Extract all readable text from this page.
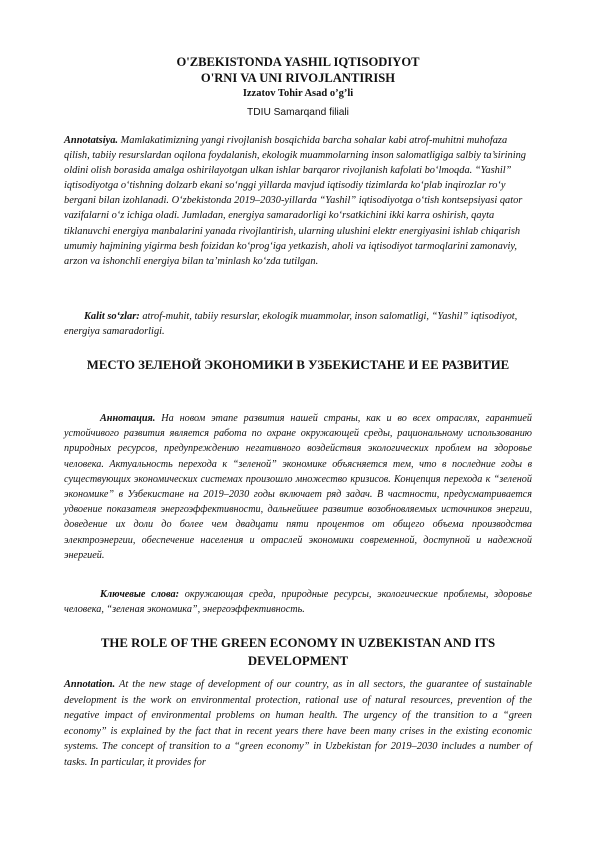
O'ZBEKISTONDA YASHIL IQTISODIYOT
O'RNI VA UNI RIVOJLANTIRISH
Izzatov Tohir Asad o’g’li
TDIU Samarqand filiali
Annotatsiya. Mamlakatimizning yangi rivojlanish bosqichida barcha sohalar kabi atrof-muhitni muhofaza qilish, tabiiy resurslardan oqilona foydalanish, ekologik muammolarning inson salomatligiga salbiy ta’sirining oldini olish borasida amalga oshirilayotgan ulkan ishlar barqaror rivojlanish kafolati bo‘lmoqda. “Yashil” iqtisodiyotga o‘tishning dolzarb ekani so‘nggi yillarda mavjud iqtisodiy tizimlarda ko‘plab inqirozlar ro‘y bergani bilan izohlanadi. O‘zbekistonda 2019–2030-yillarda “Yashil” iqtisodiyotga o‘tish kontsepsiyasi qator vazifalarni o‘z ichiga oladi. Jumladan, energiya samaradorligi ko‘rsatkichini ikki karra oshirish, qayta tiklanuvchi energiya manbalarini yanada rivojlantirish, ularning ulushini elektr energiyasini ishlab chiqarish umumiy hajmining yigirma besh foizidan ko‘prog‘iga yetkazish, aholi va iqtisodiyot tarmoqlarini zamonaviy, arzon va ishonchli energiya bilan ta’minlash ko‘zda tutilgan.
Kalit so‘zlar: atrof-muhit, tabiiy resurslar, ekologik muammolar, inson salomatligi, “Yashil” iqtisodiyot, energiya samaradorligi.
МЕСТО ЗЕЛЕНОЙ ЭКОНОМИКИ В УЗБЕКИСТАНЕ И ЕЕ РАЗВИТИЕ
Аннотация. На новом этапе развития нашей страны, как и во всех отраслях, гарантией устойчивого развития является работа по охране окружающей среды, рациональному использованию природных ресурсов, предупреждению негативного воздействия экологических проблем на здоровье человека. Актуальность перехода к “зеленой” экономике объясняется тем, что в последние годы в существующих экономических системах произошло множество кризисов. Концепция перехода к “зеленой экономике” в Узбекистане на 2019–2030 годы включает ряд задач. В частности, предусматривается удвоение показателя энергоэффективности, дальнейшее развитие возобновляемых источников энергии, доведение их доли до более чем двадцати пяти процентов от общего объема производства электроэнергии, обеспечение населения и отраслей экономики современной, доступной и надежной энергией.
Ключевые слова: окружающая среда, природные ресурсы, экологические проблемы, здоровье человека, “зеленая экономика”, энергоэффективность.
THE ROLE OF THE GREEN ECONOMY IN UZBEKISTAN AND ITS DEVELOPMENT
Annotation. At the new stage of development of our country, as in all sectors, the guarantee of sustainable development is the work on environmental protection, rational use of natural resources, prevention of the negative impact of environmental problems on human health. The urgency of the transition to a “green economy” is explained by the fact that in recent years there have been many crises in the existing economic systems. The concept of transition to a “green economy” in Uzbekistan for 2019–2030 includes a number of tasks. In particular, it provides for
